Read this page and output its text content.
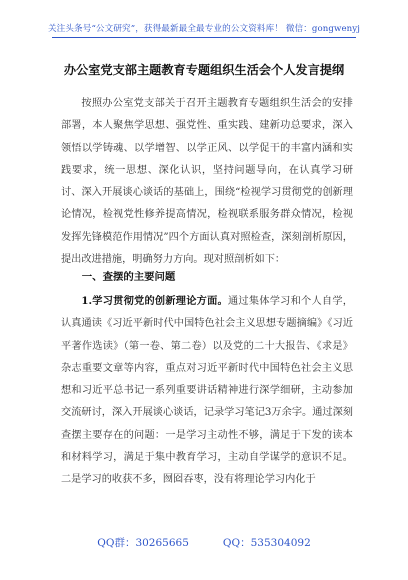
关注头条号“公文研究”，获得最新最全最专业的公文资料库！ 微信：gongwenyj
办公室党支部主题教育专题组织生活会个人发言提纲

按照办公室党支部关于召开主题教育专题组织生活会的安排部署，本人聚焦学思想、强党性、重实践、建新功总要求，深入领悟以学铸魂、以学增智、以学正风、以学促干的丰富内涵和实践要求，统一思想、深化认识，坚持问题导向，在认真学习研讨、深入开展谈心谈话的基础上，围绕“检视学习贯彻党的创新理论情况，检视党性修养提高情况，检视联系服务群众情况，检视发挥先锋模范作用情况”四个方面认真对照检查，深刻剖析原因，提出改进措施，明确努力方向。现对照剖析如下：

一、查摆的主要问题

1.学习贯彻党的创新理论方面。通过集体学习和个人自学，认真通读《习近平新时代中国特色社会主义思想专题摘编》《习近平著作选读》（第一卷、第二卷）以及党的二十大报告、《求是》杂志重要文章等内容，重点对习近平新时代中国特色社会主义思想和习近平总书记一系列重要讲话精神进行深学细研，主动参加交流研讨，深入开展谈心谈话，记录学习笔记3万余字。通过深刻查摆主要存在的问题：一是学习主动性不够，满足于下发的读本和材料学习，满足于集中教育学习，主动自学谋学的意识不足。二是学习的收获不多，囫囵吞枣，没有将理论学习内化于

QQ群：30265665	QQ：535304092
